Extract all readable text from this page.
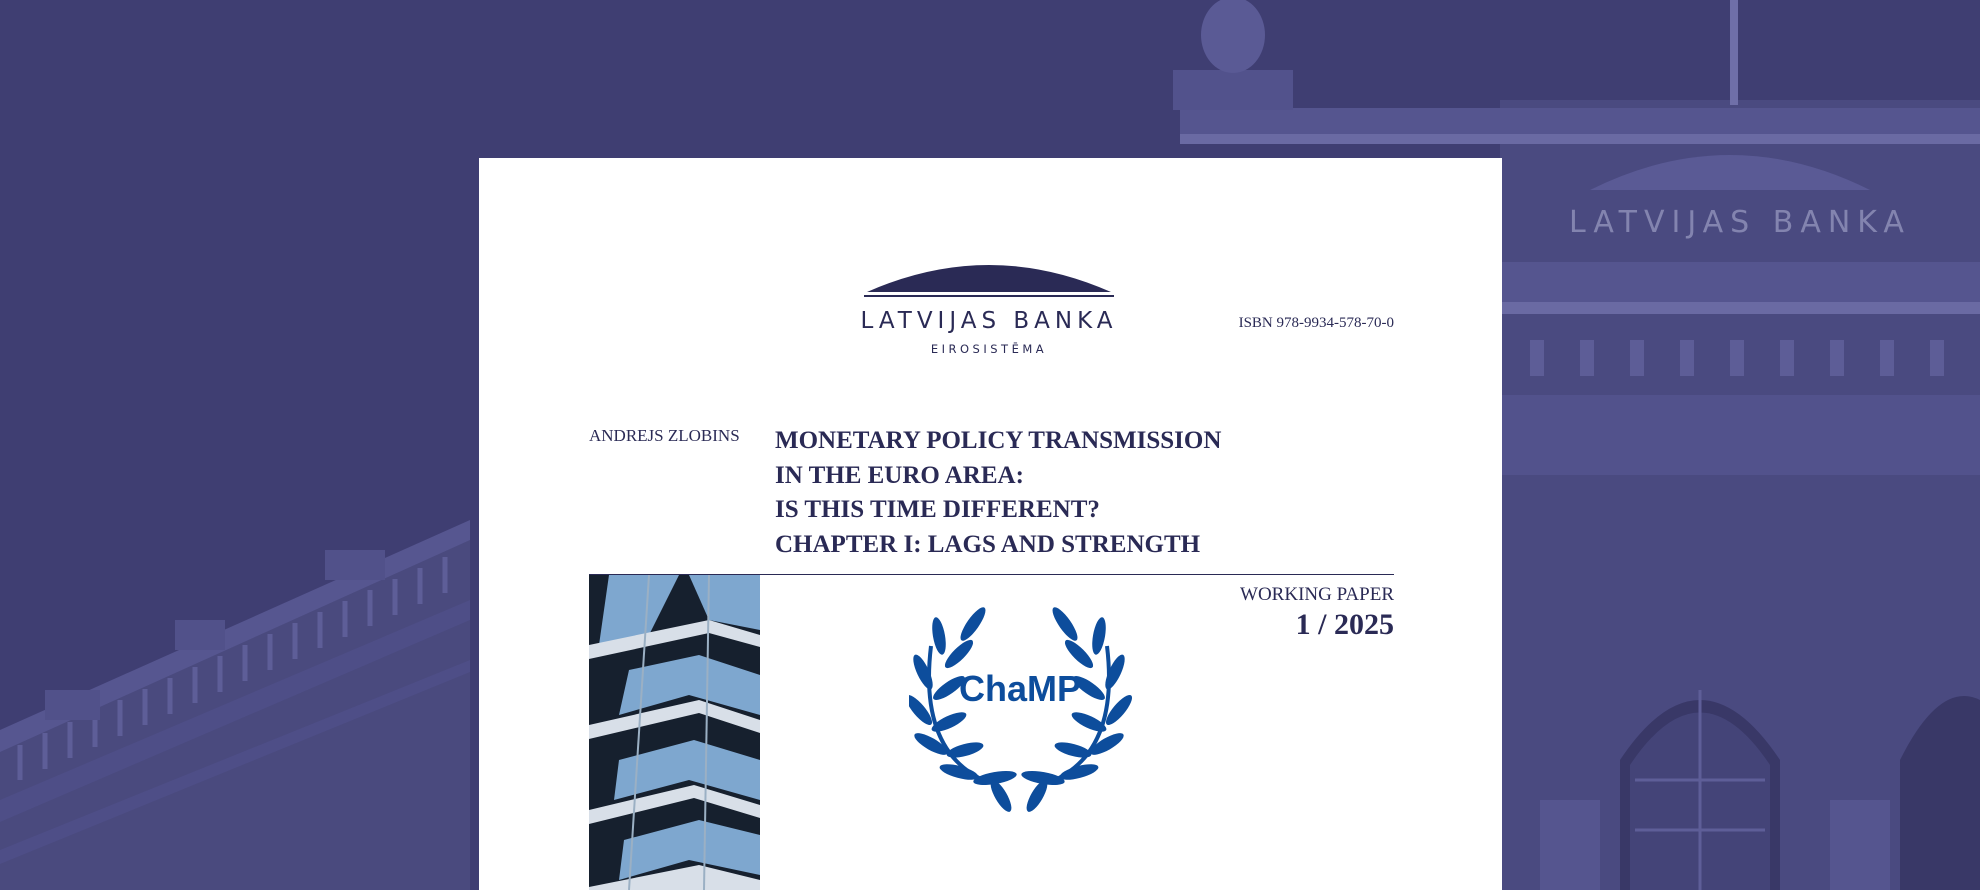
LATVIJAS BANKA
LATVIJAS BANKA
EIROSISTĒMA
ISBN 978-9934-578-70-0
ANDREJS ZLOBINS	MONETARY POLICY TRANSMISSION
IN THE EURO AREA:
IS THIS TIME DIFFERENT?
CHAPTER I: LAGS AND STRENGTH
WORKING PAPER
1 / 2025
ChaMP
